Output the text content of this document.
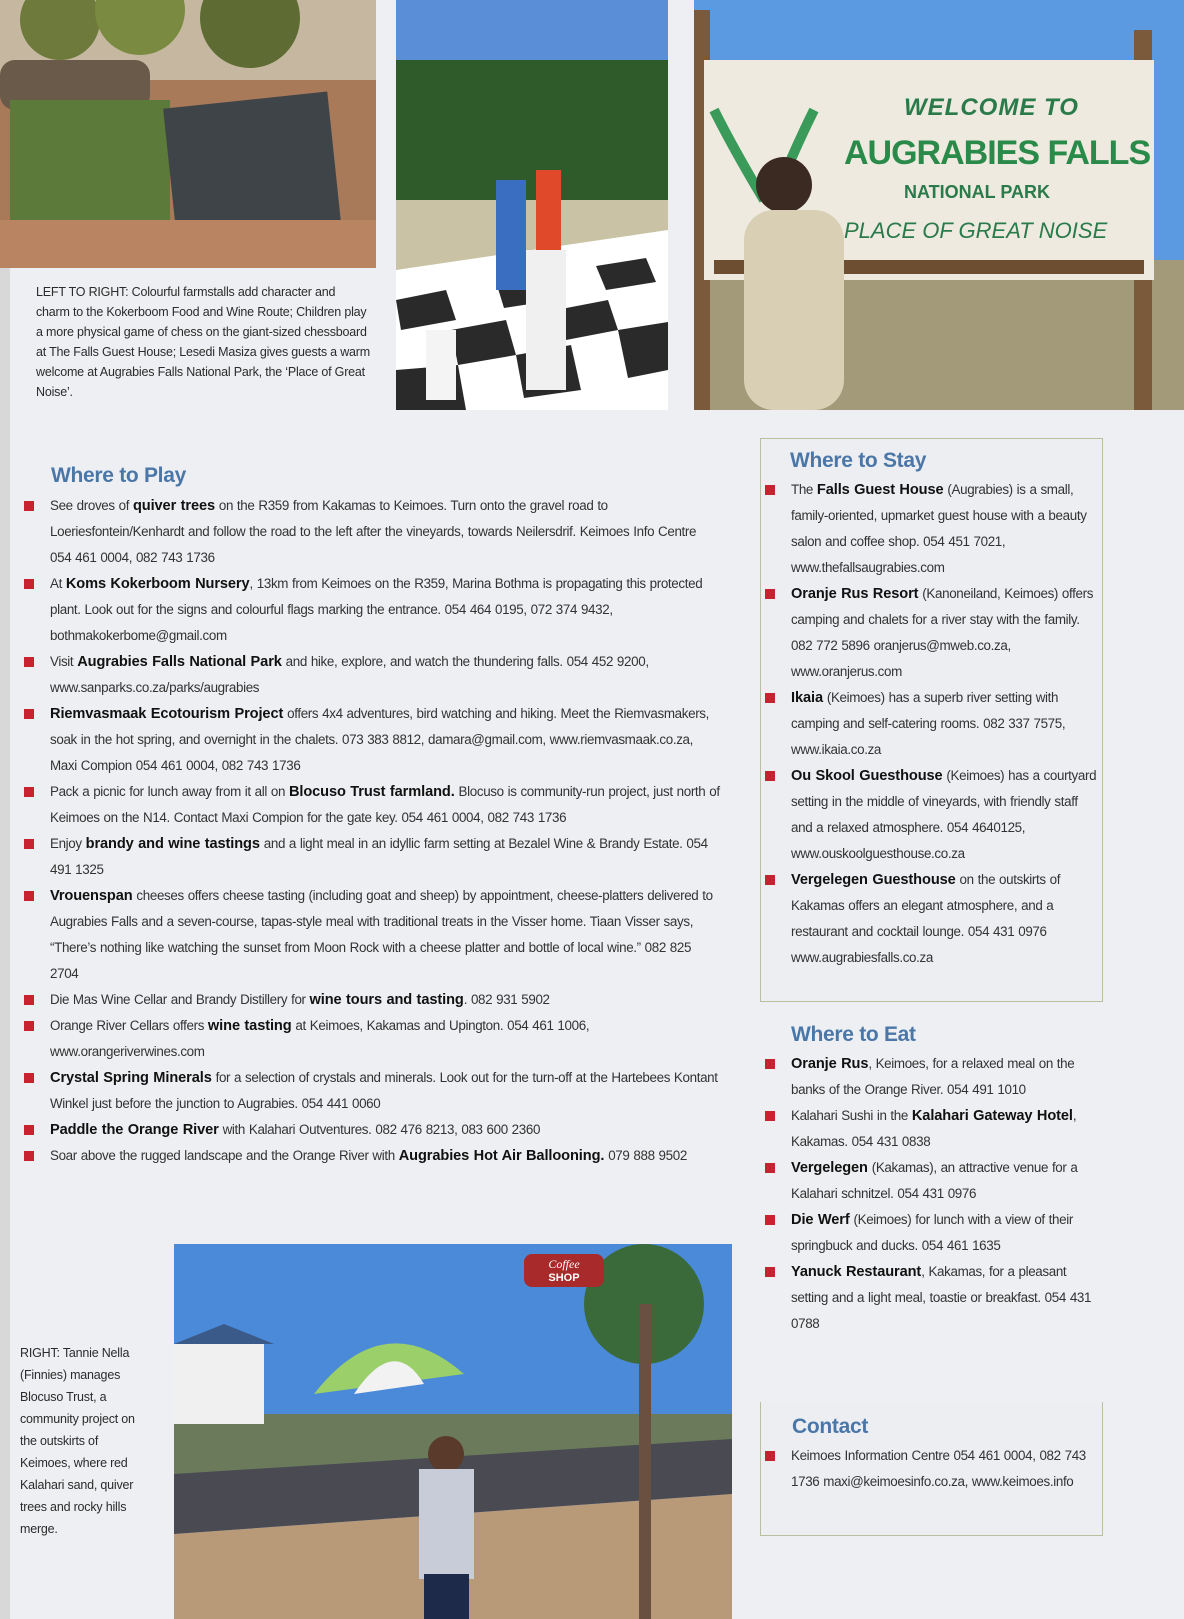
WELCOME TO
AUGRABIES FALLS
NATIONAL PARK
PLACE OF GREAT NOISE
LEFT TO RIGHT: Colourful farmstalls add character and charm to the Kokerboom Food and Wine Route; Children play a more physical game of chess on the giant-sized chessboard at The Falls Guest House; Lesedi Masiza gives guests a warm welcome at Augrabies Falls National Park, the ‘Place of Great Noise’.
Where to Play
See droves of quiver trees on the R359 from Kakamas to Keimoes. Turn onto the gravel road to Loeriesfontein/Kenhardt and follow the road to the left after the vineyards, towards Neilersdrif. Keimoes Info Centre 054 461 0004, 082 743 1736
At Koms Kokerboom Nursery, 13km from Keimoes on the R359, Marina Bothma is propagating this protected plant. Look out for the signs and colourful flags marking the entrance. 054 464 0195, 072 374 9432, bothmakokerbome@gmail.com
Visit Augrabies Falls National Park and hike, explore, and watch the thundering falls. 054 452 9200, www.sanparks.co.za/parks/augrabies
Riemvasmaak Ecotourism Project offers 4x4 adventures, bird watching and hiking. Meet the Riemvasmakers, soak in the hot spring, and overnight in the chalets. 073 383 8812, damara@gmail.com, www.riemvasmaak.co.za, Maxi Compion 054 461 0004, 082 743 1736
Pack a picnic for lunch away from it all on Blocuso Trust farmland. Blocuso is community-run project, just north of Keimoes on the N14. Contact Maxi Compion for the gate key. 054 461 0004, 082 743 1736
Enjoy brandy and wine tastings and a light meal in an idyllic farm setting at Bezalel Wine & Brandy Estate. 054 491 1325
Vrouenspan cheeses offers cheese tasting (including goat and sheep) by appointment, cheese-platters delivered to Augrabies Falls and a seven-course, tapas-style meal with traditional treats in the Visser home. Tiaan Visser says, “There’s nothing like watching the sunset from Moon Rock with a cheese platter and bottle of local wine.” 082 825 2704
Die Mas Wine Cellar and Brandy Distillery for wine tours and tasting. 082 931 5902
Orange River Cellars offers wine tasting at Keimoes, Kakamas and Upington. 054 461 1006, www.orangeriverwines.com
Crystal Spring Minerals for a selection of crystals and minerals. Look out for the turn-off at the Hartebees Kontant Winkel just before the junction to Augrabies. 054 441 0060
Paddle the Orange River with Kalahari Outventures. 082 476 8213, 083 600 2360
Soar above the rugged landscape and the Orange River with Augrabies Hot Air Ballooning. 079 888 9502
Where to Stay
The Falls Guest House (Augrabies) is a small, family-oriented, upmarket guest house with a beauty salon and coffee shop. 054 451 7021, www.thefallsaugrabies.com
Oranje Rus Resort (Kanoneiland, Keimoes) offers camping and chalets for a river stay with the family. 082 772 5896 oranjerus@mweb.co.za, www.oranjerus.com
Ikaia (Keimoes) has a superb river setting with camping and self-catering rooms. 082 337 7575, www.ikaia.co.za
Ou Skool Guesthouse (Keimoes) has a courtyard setting in the middle of vineyards, with friendly staff and a relaxed atmosphere. 054 4640125, www.ouskoolguesthouse.co.za
Vergelegen Guesthouse on the outskirts of Kakamas offers an elegant atmosphere, and a restaurant and cocktail lounge. 054 431 0976 www.augrabiesfalls.co.za
Where to Eat
Oranje Rus, Keimoes, for a relaxed meal on the banks of the Orange River. 054 491 1010
Kalahari Sushi in the Kalahari Gateway Hotel, Kakamas. 054 431 0838
Vergelegen (Kakamas), an attractive venue for a Kalahari schnitzel. 054 431 0976
Die Werf (Keimoes) for lunch with a view of their springbuck and ducks. 054 461 1635
Yanuck Restaurant, Kakamas, for a pleasant setting and a light meal, toastie or breakfast. 054 431 0788
Contact
Keimoes Information Centre 054 461 0004, 082 743 1736 maxi@keimoesinfo.co.za, www.keimoes.info
Coffee
SHOP
RIGHT: Tannie Nella (Finnies) manages Blocuso Trust, a community project on the outskirts of Keimoes, where red Kalahari sand, quiver trees and rocky hills merge.
